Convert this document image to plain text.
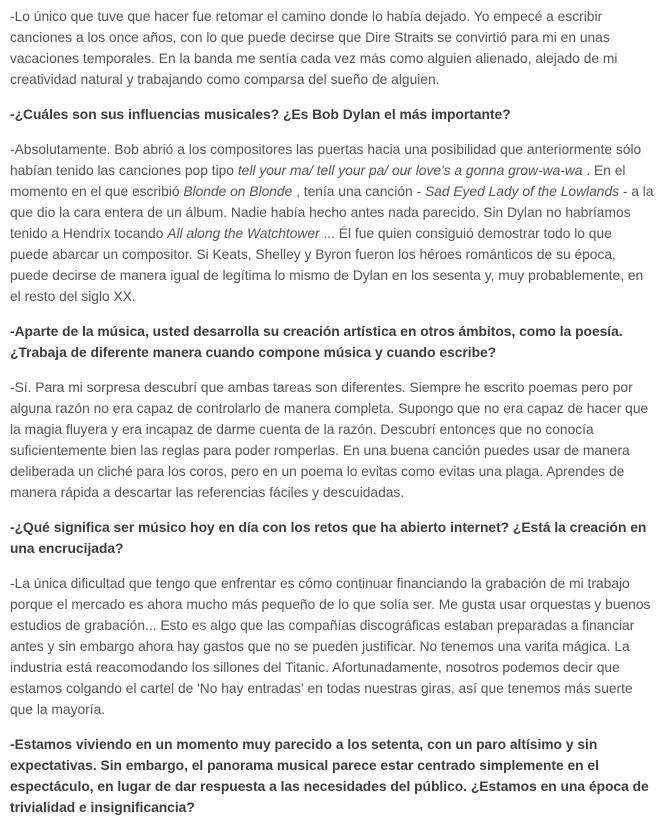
-Lo único que tuve que hacer fue retomar el camino donde lo había dejado. Yo empecé a escribir canciones a los once años, con lo que puede decirse que Dire Straits se convirtió para mi en unas vacaciones temporales. En la banda me sentía cada vez más como alguien alienado, alejado de mi creatividad natural y trabajando como comparsa del sueño de alguien.

-¿Cuáles son sus influencias musicales? ¿Es Bob Dylan el más importante?

-Absolutamente. Bob abrió a los compositores las puertas hacia una posibilidad que anteriormente sólo habían tenido las canciones pop tipo tell your ma/ tell your pa/ our love's a gonna grow-wa-wa . En el momento en el que escribió Blonde on Blonde , tenía una canción - Sad Eyed Lady of the Lowlands - a la que dio la cara entera de un álbum. Nadie había hecho antes nada parecido. Sin Dylan no habríamos tenido a Hendrix tocando All along the Watchtower ... Él fue quien consiguió demostrar todo lo que puede abarcar un compositor. Si Keats, Shelley y Byron fueron los héroes románticos de su época, puede decirse de manera igual de legítima lo mismo de Dylan en los sesenta y, muy probablemente, en el resto del siglo XX.

-Aparte de la música, usted desarrolla su creación artística en otros ámbitos, como la poesía. ¿Trabaja de diferente manera cuando compone música y cuando escribe?

-Sí. Para mi sorpresa descubrí que ambas tareas son diferentes. Siempre he escrito poemas pero por alguna razón no era capaz de controlarlo de manera completa. Supongo que no era capaz de hacer que la magia fluyera y era incapaz de darme cuenta de la razón. Descubrí entonces que no conocía suficientemente bien las reglas para poder romperlas. En una buena canción puedes usar de manera deliberada un cliché para los coros, pero en un poema lo evitas como evitas una plaga. Aprendes de manera rápida a descartar las referencias fáciles y descuidadas.

-¿Qué significa ser músico hoy en día con los retos que ha abierto internet? ¿Está la creación en una encrucijada?

-La única dificultad que tengo que enfrentar es cómo continuar financiando la grabación de mi trabajo porque el mercado es ahora mucho más pequeño de lo que solía ser. Me gusta usar orquestas y buenos estudios de grabación... Esto es algo que las compañías discográficas estaban preparadas a financiar antes y sin embargo ahora hay gastos que no se pueden justificar. No tenemos una varita mágica. La industria está reacomodando los sillones del Titanic. Afortunadamente, nosotros podemos decir que estamos colgando el cartel de 'No hay entradas' en todas nuestras giras, así que tenemos más suerte que la mayoría.

-Estamos viviendo en un momento muy parecido a los setenta, con un paro altísimo y sin expectativas. Sin embargo, el panorama musical parece estar centrado simplemente en el espectáculo, en lugar de dar respuesta a las necesidades del público. ¿Estamos en una época de trivialidad e insignificancia?
